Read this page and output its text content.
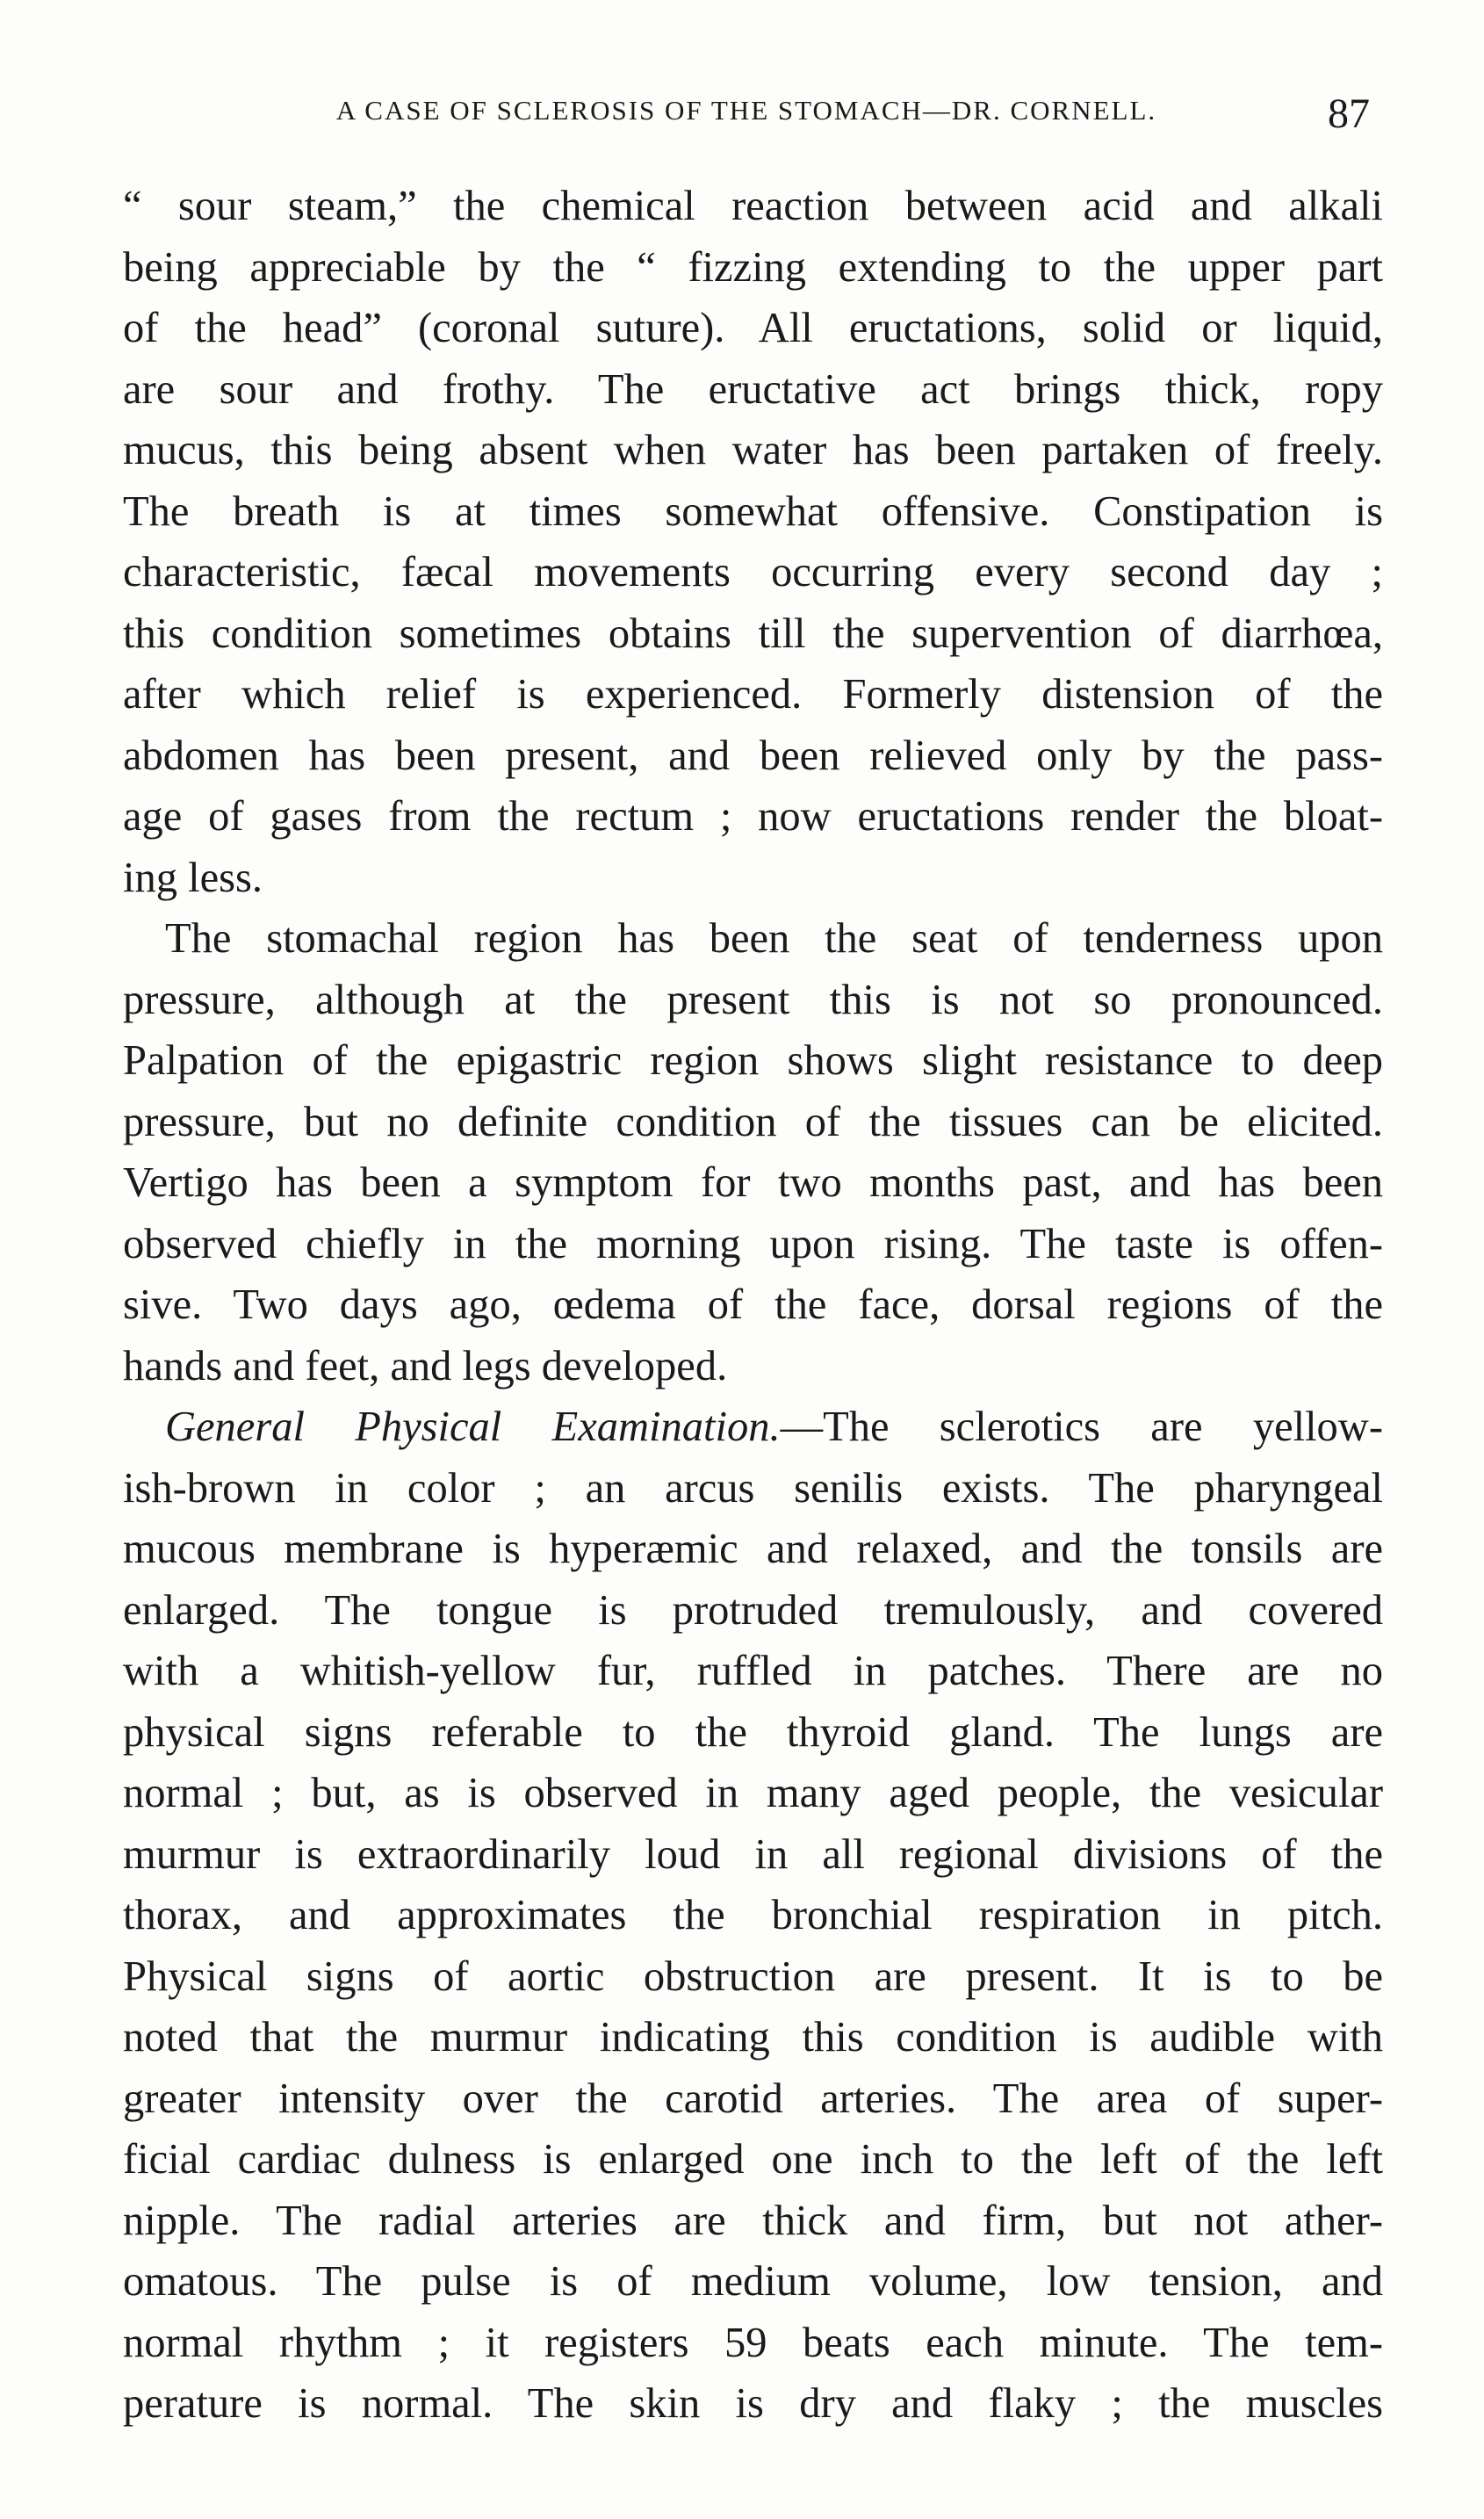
A CASE OF SCLEROSIS OF THE STOMACH—DR. CORNELL.	87
“ sour steam,” the chemical reaction between acid and alkali
being appreciable by the “ fizzing extending to the upper part
of the head” (coronal suture). All eructations, solid or liquid,
are sour and frothy. The eructative act brings thick, ropy
mucus, this being absent when water has been partaken of freely.
The breath is at times somewhat offensive. Constipation is
characteristic, fæcal movements occurring every second day ;
this condition sometimes obtains till the supervention of diarrhœa,
after which relief is experienced. Formerly distension of the
abdomen has been present, and been relieved only by the pass-
age of gases from the rectum ; now eructations render the bloat-
ing less.
The stomachal region has been the seat of tenderness upon
pressure, although at the present this is not so pronounced.
Palpation of the epigastric region shows slight resistance to deep
pressure, but no definite condition of the tissues can be elicited.
Vertigo has been a symptom for two months past, and has been
observed chiefly in the morning upon rising. The taste is offen-
sive. Two days ago, œdema of the face, dorsal regions of the
hands and feet, and legs developed.
General Physical Examination.—The sclerotics are yellow-
ish-brown in color ; an arcus senilis exists. The pharyngeal
mucous membrane is hyperæmic and relaxed, and the tonsils are
enlarged. The tongue is protruded tremulously, and covered
with a whitish-yellow fur, ruffled in patches. There are no
physical signs referable to the thyroid gland. The lungs are
normal ; but, as is observed in many aged people, the vesicular
murmur is extraordinarily loud in all regional divisions of the
thorax, and approximates the bronchial respiration in pitch.
Physical signs of aortic obstruction are present. It is to be
noted that the murmur indicating this condition is audible with
greater intensity over the carotid arteries. The area of super-
ficial cardiac dulness is enlarged one inch to the left of the left
nipple. The radial arteries are thick and firm, but not ather-
omatous. The pulse is of medium volume, low tension, and
normal rhythm ; it registers 59 beats each minute. The tem-
perature is normal. The skin is dry and flaky ; the muscles
